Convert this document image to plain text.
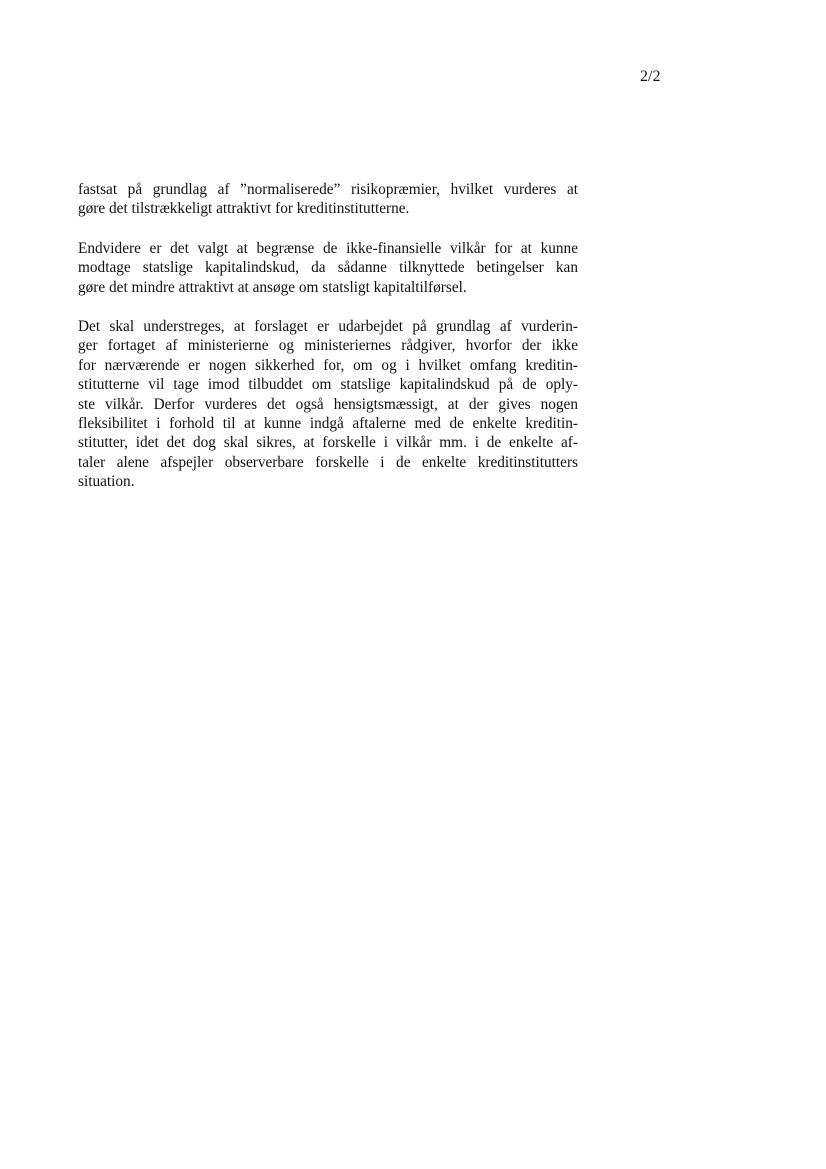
2/2

fastsat på grundlag af ”normaliserede” risikopræmier, hvilket vurderes at
gøre det tilstrækkeligt attraktivt for kreditinstitutterne.

Endvidere er det valgt at begrænse de ikke-finansielle vilkår for at kunne
modtage statslige kapitalindskud, da sådanne tilknyttede betingelser kan
gøre det mindre attraktivt at ansøge om statsligt kapitaltilførsel.

Det skal understreges, at forslaget er udarbejdet på grundlag af vurderin-
ger fortaget af ministerierne og ministeriernes rådgiver, hvorfor der ikke
for nærværende er nogen sikkerhed for, om og i hvilket omfang kreditin-
stitutterne vil tage imod tilbuddet om statslige kapitalindskud på de oply-
ste vilkår. Derfor vurderes det også hensigtsmæssigt, at der gives nogen
fleksibilitet i forhold til at kunne indgå aftalerne med de enkelte kreditin-
stitutter, idet det dog skal sikres, at forskelle i vilkår mm. i de enkelte af-
taler alene afspejler observerbare forskelle i de enkelte kreditinstitutters
situation.
